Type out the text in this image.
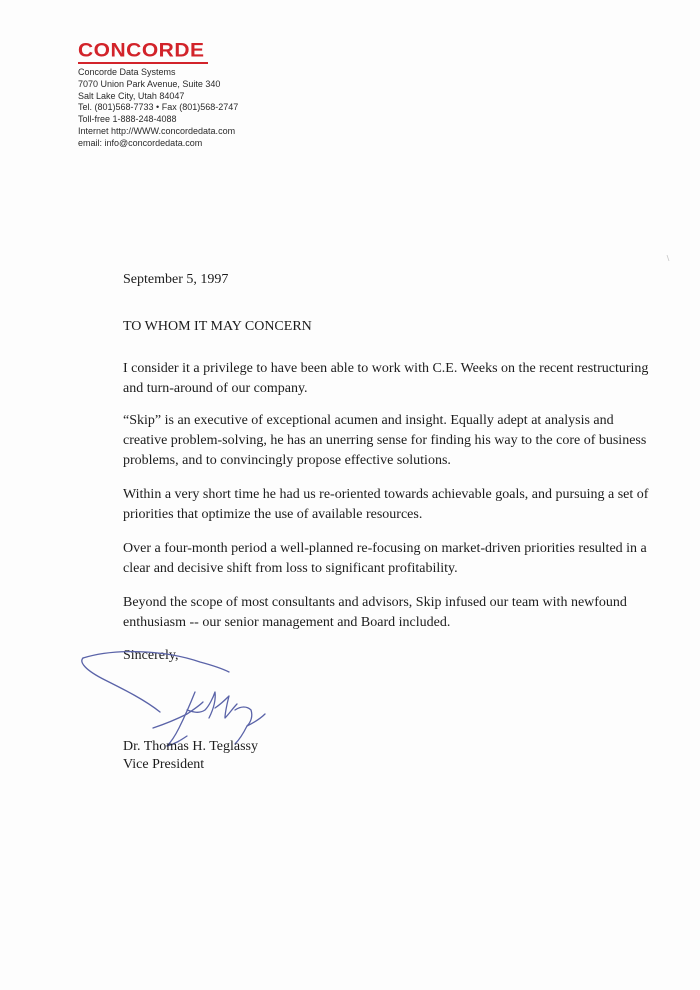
CONCORDE
Concorde Data Systems
7070 Union Park Avenue, Suite 340
Salt Lake City, Utah 84047
Tel. (801)568-7733 • Fax (801)568-2747
Toll-free 1-888-248-4088
Internet http://WWW.concordedata.com
email: info@concordedata.com
September 5, 1997
TO WHOM IT MAY CONCERN
I consider it a privilege to have been able to work with C.E. Weeks on the recent restructuring and turn-around of our company.
“Skip” is an executive of exceptional acumen and insight. Equally adept at analysis and creative problem-solving, he has an unerring sense for finding his way to the core of business problems, and to convincingly propose effective solutions.
Within a very short time he had us re-oriented towards achievable goals, and pursuing a set of priorities that optimize the use of available resources.
Over a four-month period a well-planned re-focusing on market-driven priorities resulted in a clear and decisive shift from loss to significant profitability.
Beyond the scope of most consultants and advisors, Skip infused our team with newfound enthusiasm -- our senior management and Board included.
Sincerely,
Dr. Thomas H. Teglassy
Vice President
